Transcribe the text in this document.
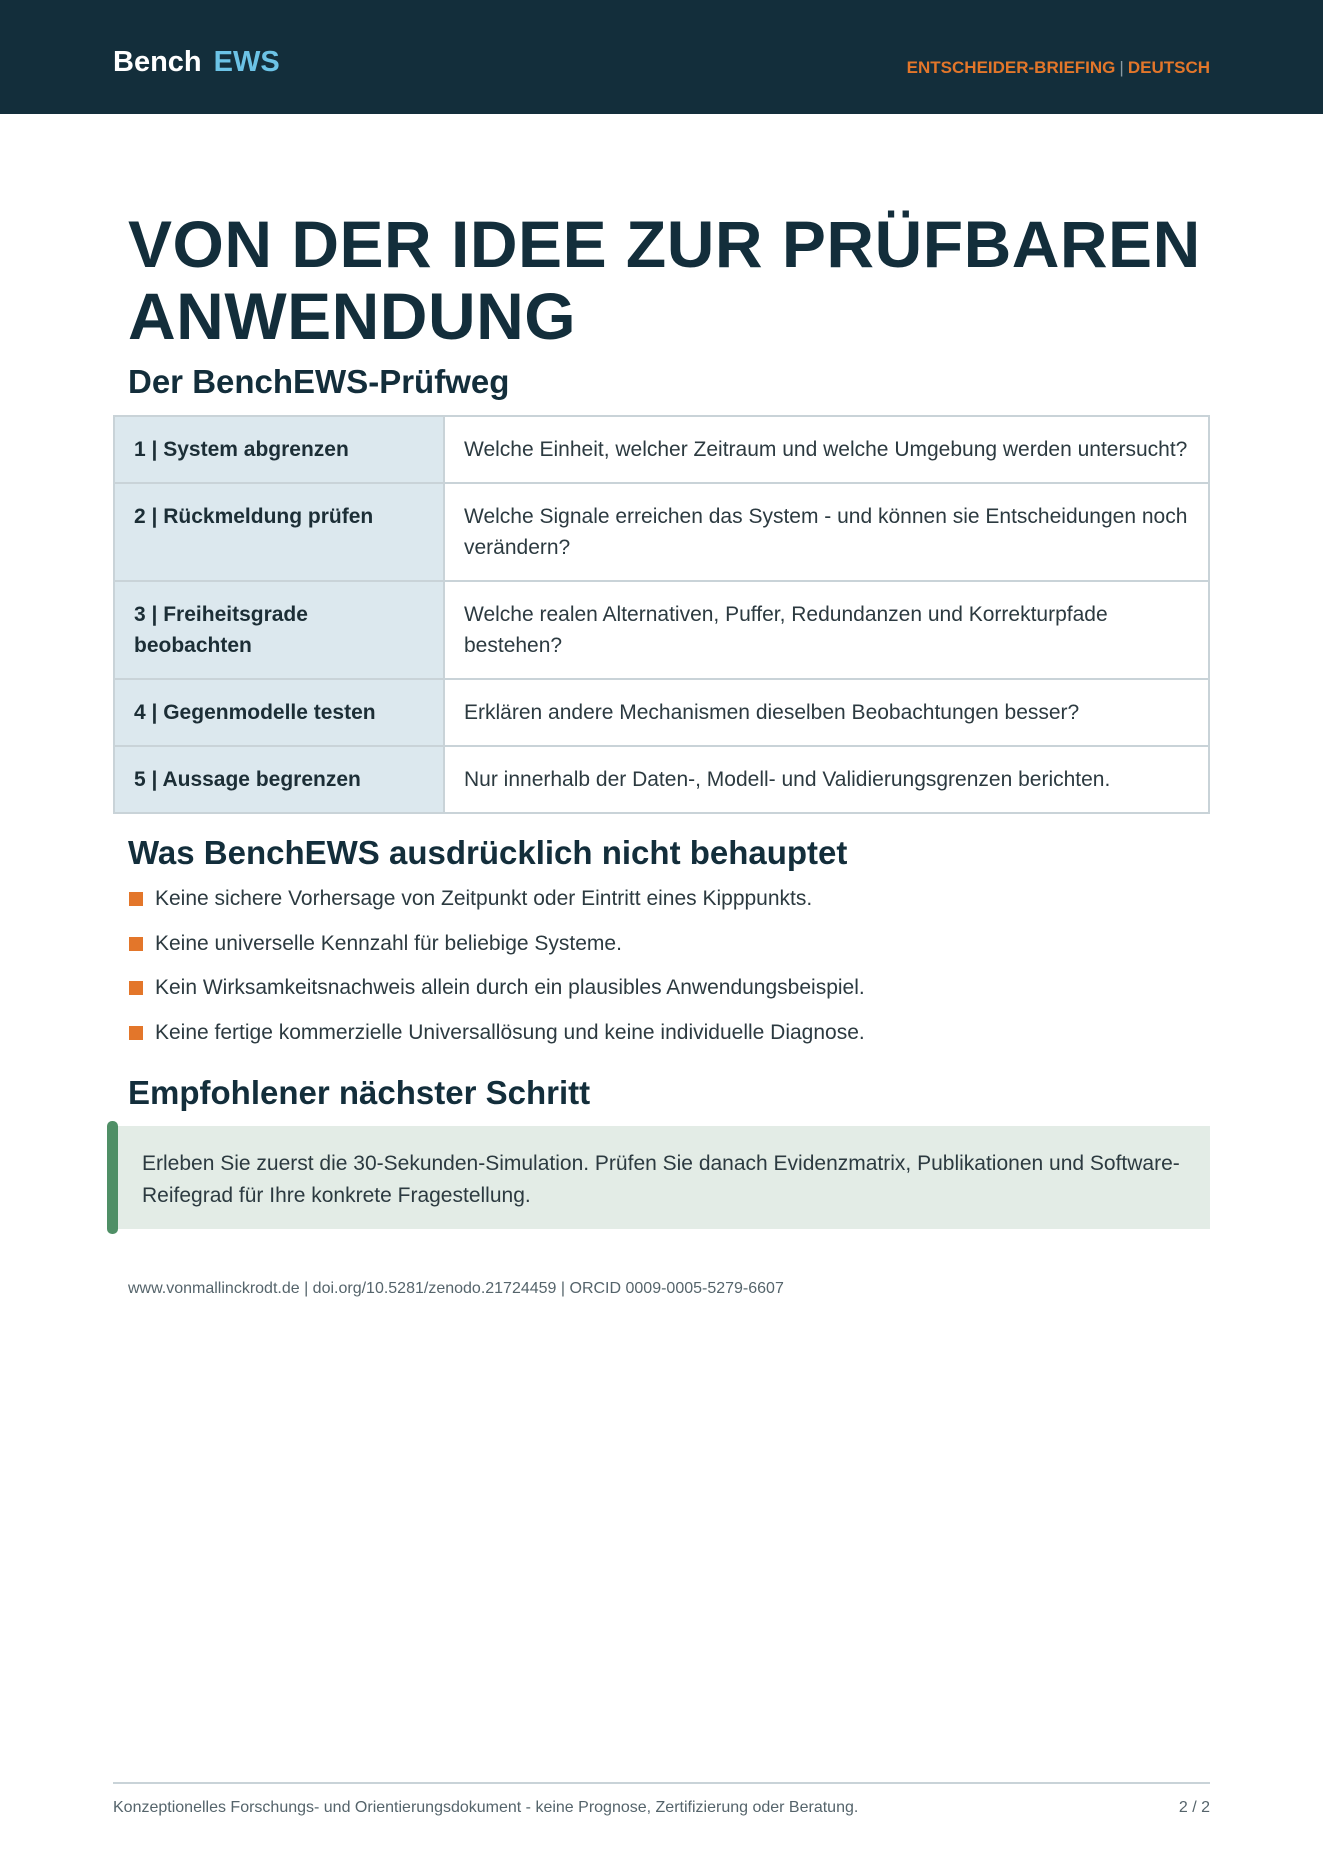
Bench EWS	ENTSCHEIDER-BRIEFING | DEUTSCH
VON DER IDEE ZUR PRÜFBAREN ANWENDUNG
Der BenchEWS-Prüfweg
1 | System abgrenzen	Welche Einheit, welcher Zeitraum und welche Umgebung werden untersucht?
2 | Rückmeldung prüfen	Welche Signale erreichen das System - und können sie Entscheidungen noch verändern?
3 | Freiheitsgrade beobachten	Welche realen Alternativen, Puffer, Redundanzen und Korrekturpfade bestehen?
4 | Gegenmodelle testen	Erklären andere Mechanismen dieselben Beobachtungen besser?
5 | Aussage begrenzen	Nur innerhalb der Daten-, Modell- und Validierungsgrenzen berichten.
Was BenchEWS ausdrücklich nicht behauptet
Keine sichere Vorhersage von Zeitpunkt oder Eintritt eines Kipppunkts.
Keine universelle Kennzahl für beliebige Systeme.
Kein Wirksamkeitsnachweis allein durch ein plausibles Anwendungsbeispiel.
Keine fertige kommerzielle Universallösung und keine individuelle Diagnose.
Empfohlener nächster Schritt

Erleben Sie zuerst die 30-Sekunden-Simulation. Prüfen Sie danach Evidenzmatrix, Publikationen und Software-Reifegrad für Ihre konkrete Fragestellung.

www.vonmallinckrodt.de | doi.org/10.5281/zenodo.21724459 | ORCID 0009-0005-5279-6607
Konzeptionelles Forschungs- und Orientierungsdokument - keine Prognose, Zertifizierung oder Beratung.	2 / 2
